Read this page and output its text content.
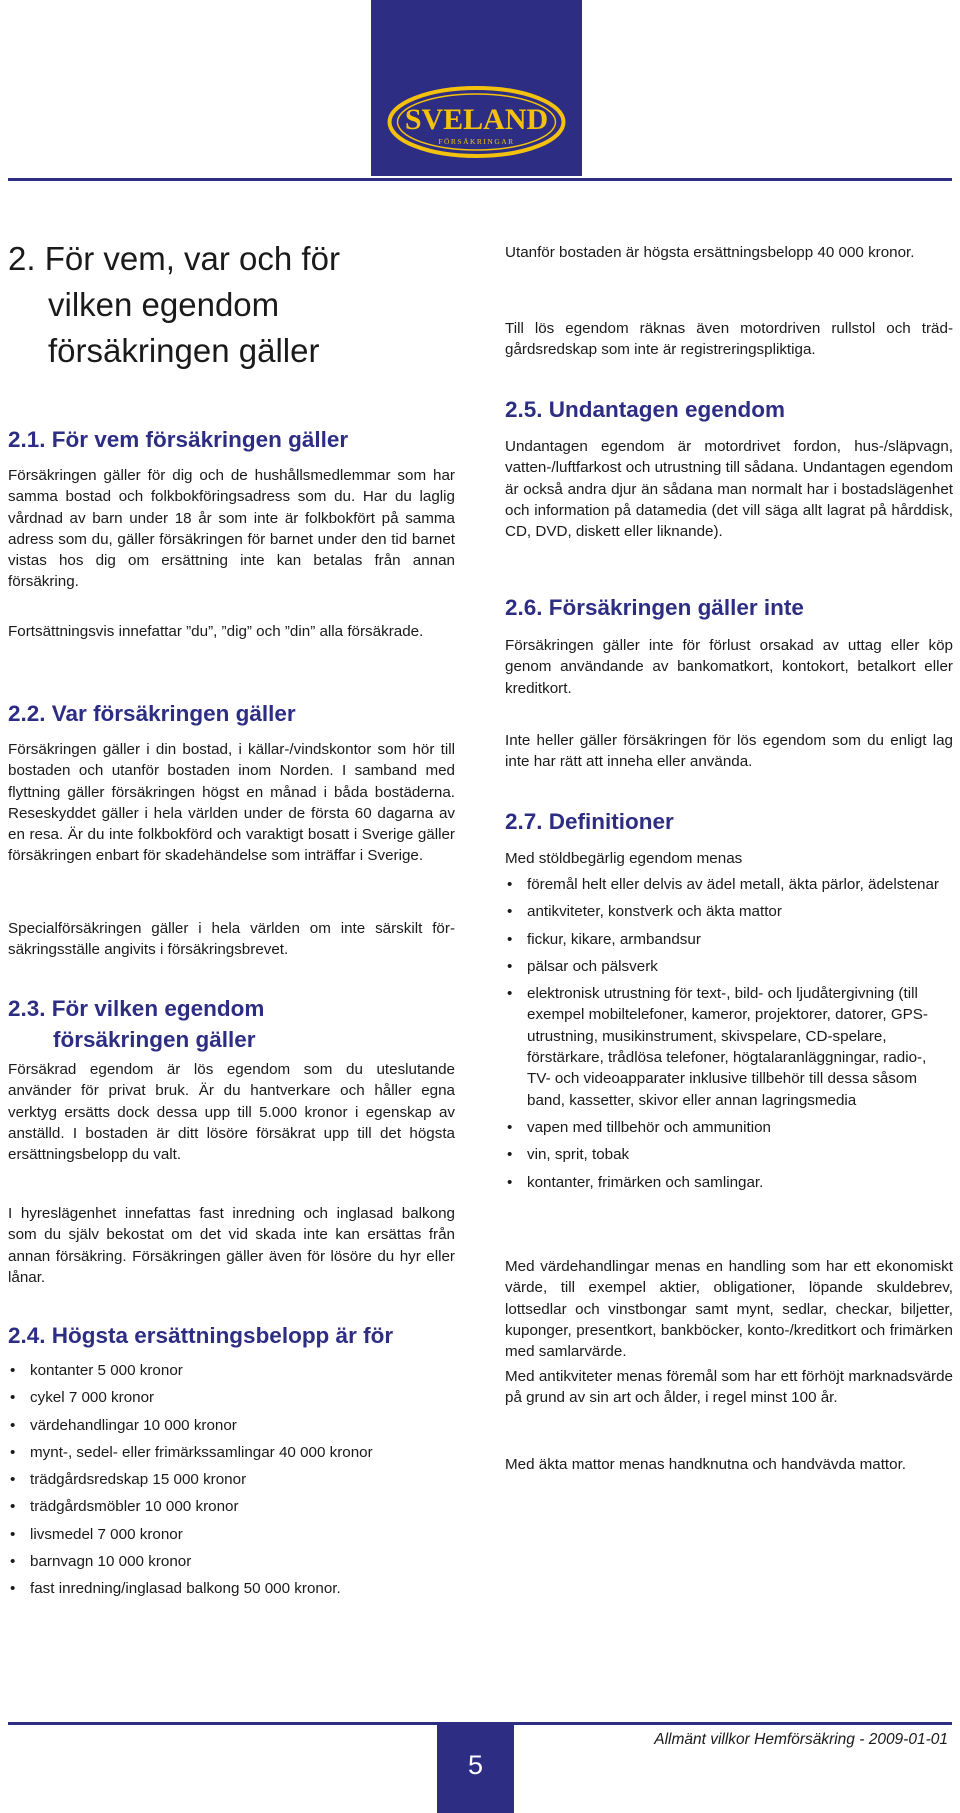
SVELAND
FÖRSÄKRINGAR
2. För vem, var och för
vilken egendom
försäkringen gäller
2.1. För vem försäkringen gäller

Försäkringen gäller för dig och de hushållsmedlemmar som har samma bostad och folkbokföringsadress som du. Har du laglig vårdnad av barn under 18 år som inte är folkbokfört på samma adress som du, gäller försäkringen för barnet under den tid barnet vistas hos dig om ersättning inte kan betalas från annan försäkring.

Fortsättningsvis innefattar ”du”, ”dig” och ”din” alla försäkrade.

2.2. Var försäkringen gäller

Försäkringen gäller i din bostad, i källar-/vindskontor som hör till bostaden och utanför bostaden inom Norden. I samband med flyttning gäller försäkringen högst en månad i båda bostäderna. Reseskyddet gäller i hela världen under de första 60 dagarna av en resa. Är du inte folkbokförd och varaktigt bosatt i Sverige gäller försäkringen enbart för skadehändelse som inträffar i Sverige.

Specialförsäkringen gäller i hela världen om inte särskilt försäkringsställe angivits i försäkringsbrevet.

2.3. För vilken egendom
försäkringen gäller

Försäkrad egendom är lös egendom som du uteslutande använder för privat bruk. Är du hantverkare och håller egna verktyg ersätts dock dessa upp till 5.000 kronor i egenskap av anställd. I bostaden är ditt lösöre försäkrat upp till det högsta ersättningsbelopp du valt.

I hyreslägenhet innefattas fast inredning och inglasad balkong som du själv bekostat om det vid skada inte kan ersättas från annan försäkring. Försäkringen gäller även för lösöre du hyr eller lånar.

2.4. Högsta ersättningsbelopp är för
• kontanter 5 000 kronor
• cykel 7 000 kronor
• värdehandlingar 10 000 kronor
• mynt-, sedel- eller frimärkssamlingar 40 000 kronor
• trädgårdsredskap 15 000 kronor
• trädgårdsmöbler 10 000 kronor
• livsmedel 7 000 kronor
• barnvagn 10 000 kronor
• fast inredning/inglasad balkong 50 000 kronor.

Utanför bostaden är högsta ersättningsbelopp 40 000 kronor.

Till lös egendom räknas även motordriven rullstol och trädgårdsredskap som inte är registreringspliktiga.

2.5. Undantagen egendom

Undantagen egendom är motordrivet fordon, hus-/släpvagn, vatten-/luftfarkost och utrustning till sådana. Undantagen egendom är också andra djur än sådana man normalt har i bostadslägenhet och information på datamedia (det vill säga allt lagrat på hårddisk, CD, DVD, diskett eller liknande).

2.6. Försäkringen gäller inte

Försäkringen gäller inte för förlust orsakad av uttag eller köp genom användande av bankomatkort, kontokort, betalkort eller kreditkort.

Inte heller gäller försäkringen för lös egendom som du enligt lag inte har rätt att inneha eller använda.

2.7. Definitioner

Med stöldbegärlig egendom menas

• föremål helt eller delvis av ädel metall, äkta pärlor, ädelstenar
• antikviteter, konstverk och äkta mattor
• fickur, kikare, armbandsur
• pälsar och pälsverk
• elektronisk utrustning för text-, bild- och ljudåtergivning (till exempel mobiltelefoner, kameror, projektorer, datorer, GPS-utrustning, musikinstrument, skivspelare, CD-spelare, förstärkare, trådlösa telefoner, högtalaranläggningar, radio-, TV- och videoapparater inklusive tillbehör till dessa såsom band, kassetter, skivor eller annan lagringsmedia
• vapen med tillbehör och ammunition
• vin, sprit, tobak
• kontanter, frimärken och samlingar.

Med värdehandlingar menas en handling som har ett ekonomiskt värde, till exempel aktier, obligationer, löpande skuldebrev, lottsedlar och vinstbongar samt mynt, sedlar, checkar, biljetter, kuponger, presentkort, bankböcker, konto-/kreditkort och frimärken med samlarvärde.

Med antikviteter menas föremål som har ett förhöjt marknadsvärde på grund av sin art och ålder, i regel minst 100 år.

Med äkta mattor menas handknutna och handvävda mattor.

5
Allmänt villkor Hemförsäkring - 2009-01-01
